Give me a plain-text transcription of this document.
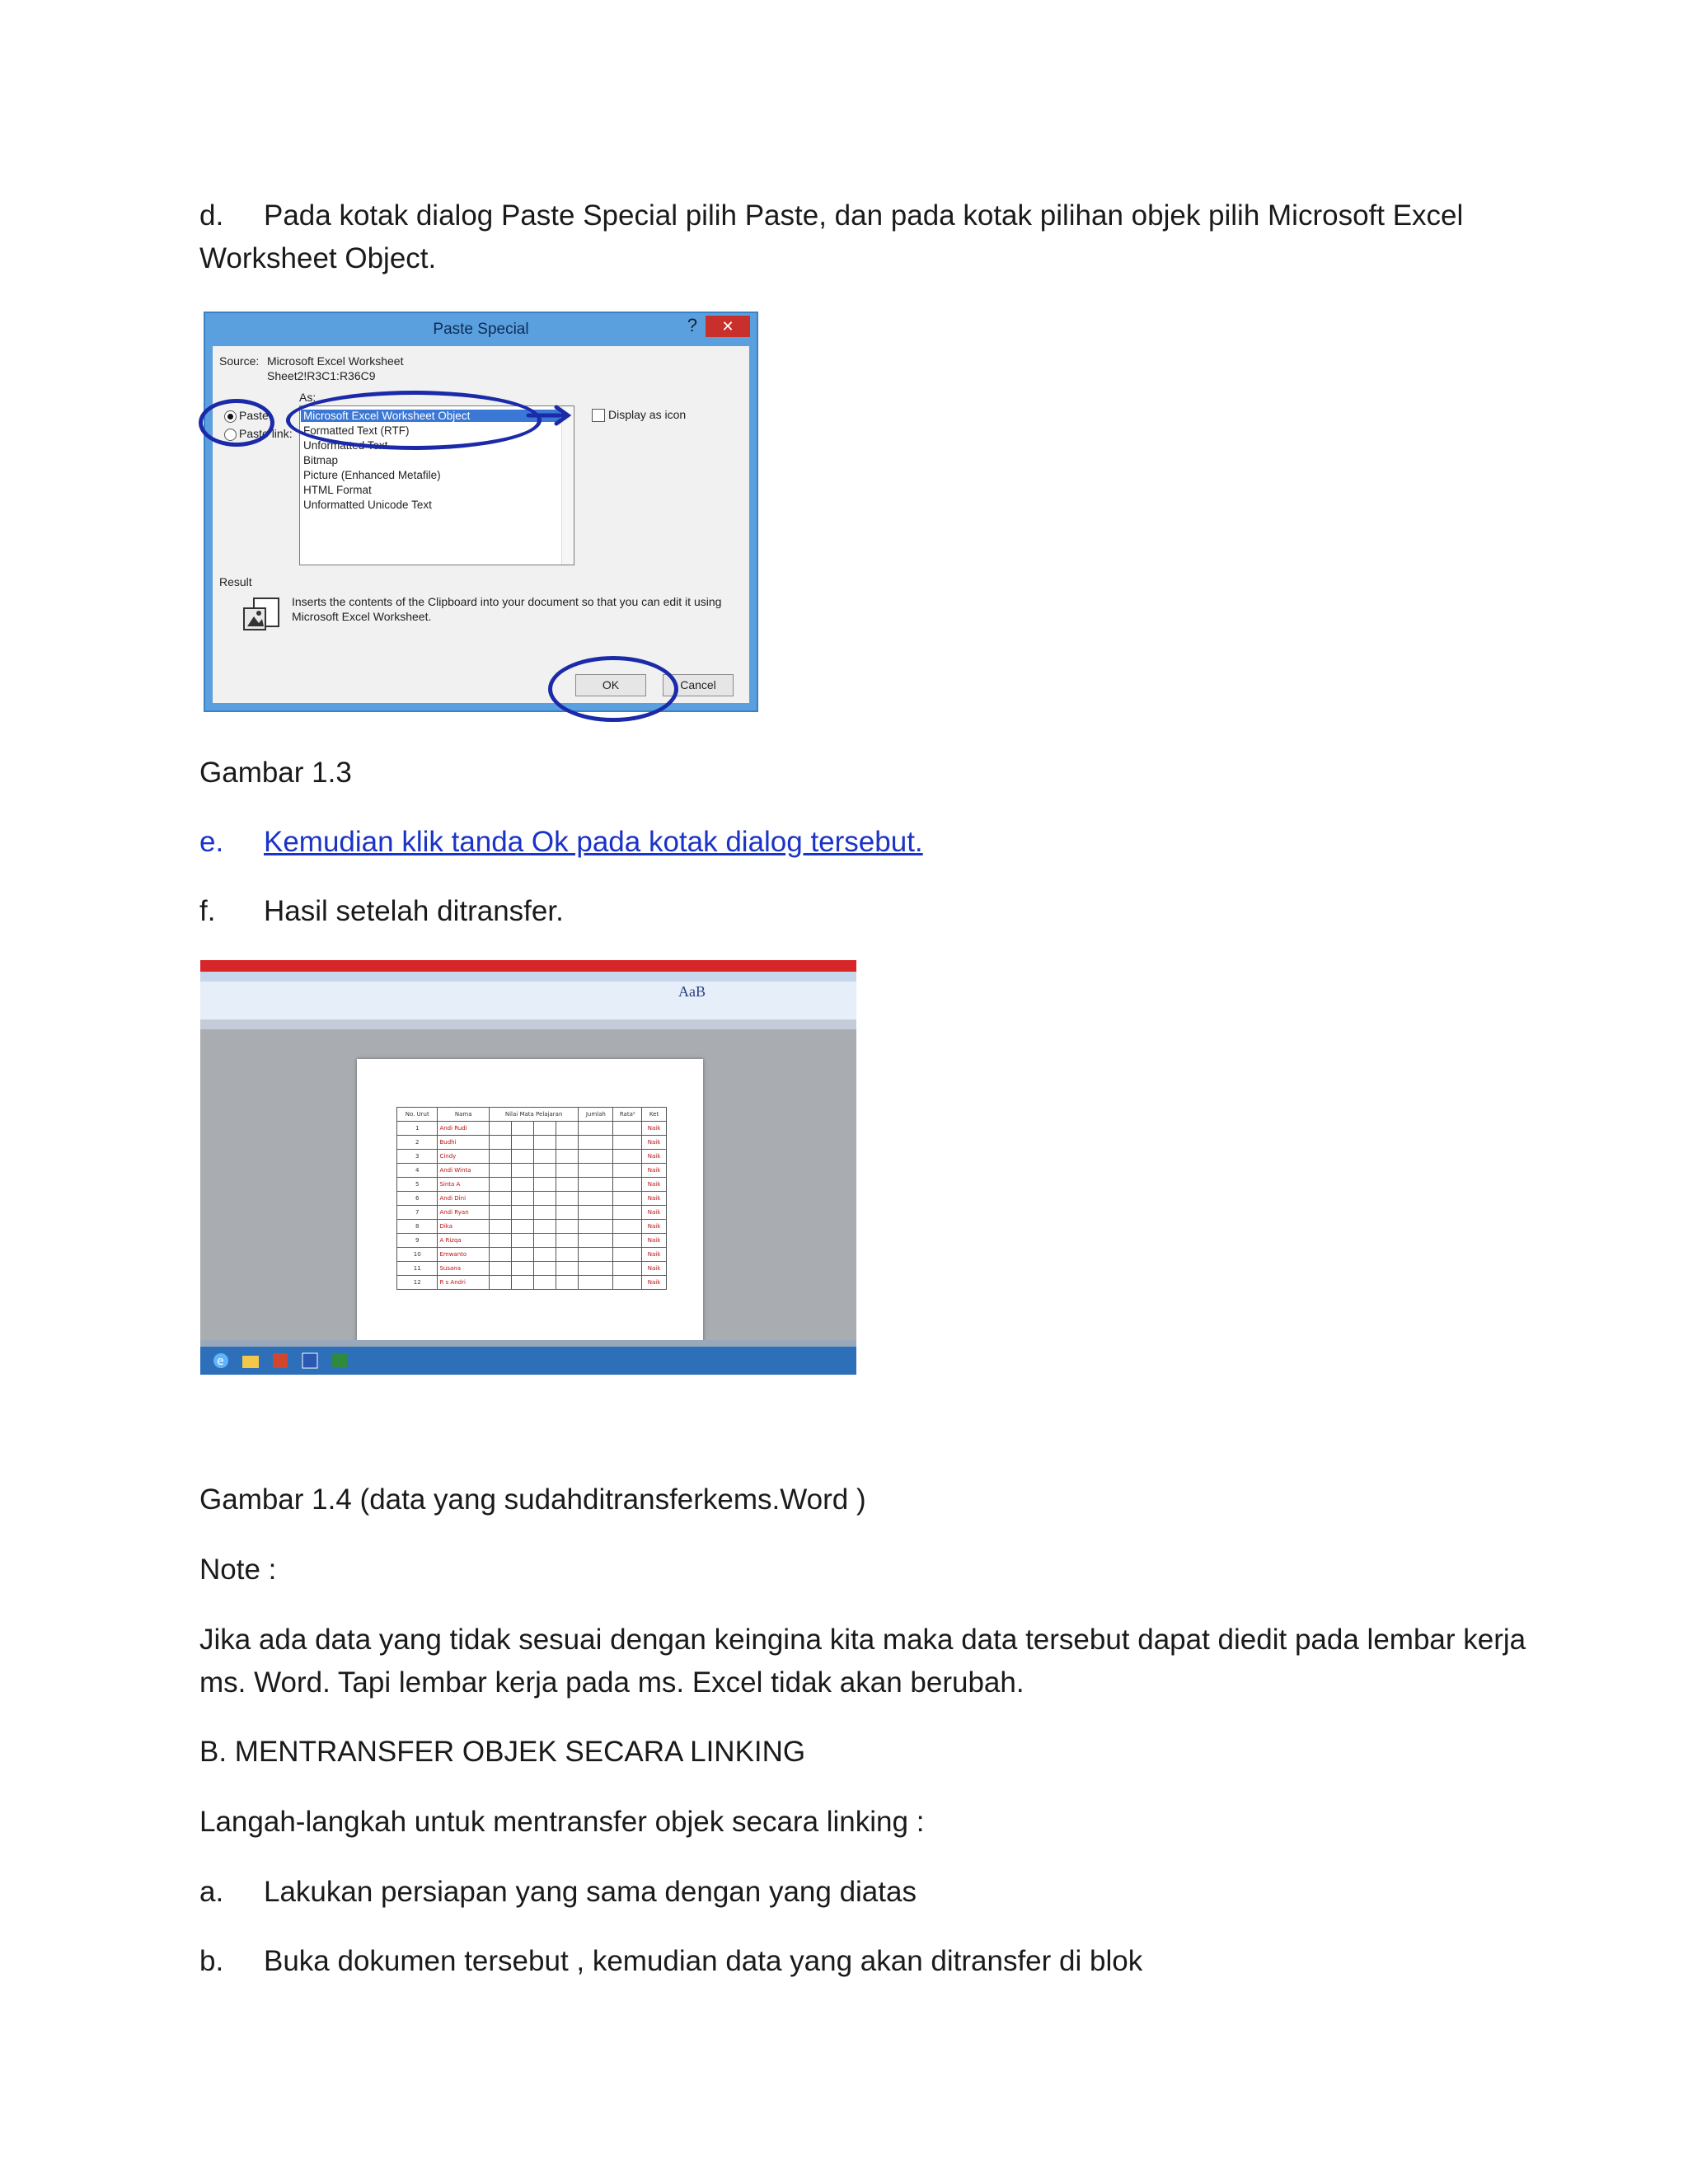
d. Pada kotak dialog Paste Special pilih Paste, dan pada kotak pilihan objek pilih Microsoft Excel
Worksheet Object.
Paste Special	?	✕
Source: Microsoft Excel Worksheet
Sheet2!R3C1:R36C9
As:
Paste:
Paste link:
Microsoft Excel Worksheet Object
Formatted Text (RTF)
Unformatted Text
Bitmap
Picture (Enhanced Metafile)
HTML Format
Unformatted Unicode Text
Display as icon
Result
Inserts the contents of the Clipboard into your document so that you can edit it using
Microsoft Excel Worksheet.
OK	Cancel
Gambar 1.3
e. Kemudian klik tanda Ok pada kotak dialog tersebut.
f. Hasil setelah ditransfer.
AaB
No. Urut	Nama	Nilai Mata Pelajaran				Jumlah	Rata²	Ket
1	Andi Rudi							Naik
2	Budhi							Naik
3	Cindy							Naik
4	Andi Winta							Naik
5	Sinta A							Naik
6	Andi Dini							Naik
7	Andi Ryan							Naik
8	Dika							Naik
9	A Rizqa							Naik
10	Emwanto							Naik
11	Susana							Naik
12	R s Andri							Naik
e
Gambar 1.4 (data yang sudahditransferkems.Word )
Note :
Jika ada data yang tidak sesuai dengan keingina kita maka data tersebut dapat diedit pada lembar kerja
ms. Word. Tapi lembar kerja pada ms. Excel tidak akan berubah.
B. MENTRANSFER OBJEK SECARA LINKING
Langah-langkah untuk mentransfer objek secara linking :
a. Lakukan persiapan yang sama dengan yang diatas
b. Buka dokumen tersebut , kemudian data yang akan ditransfer di blok
